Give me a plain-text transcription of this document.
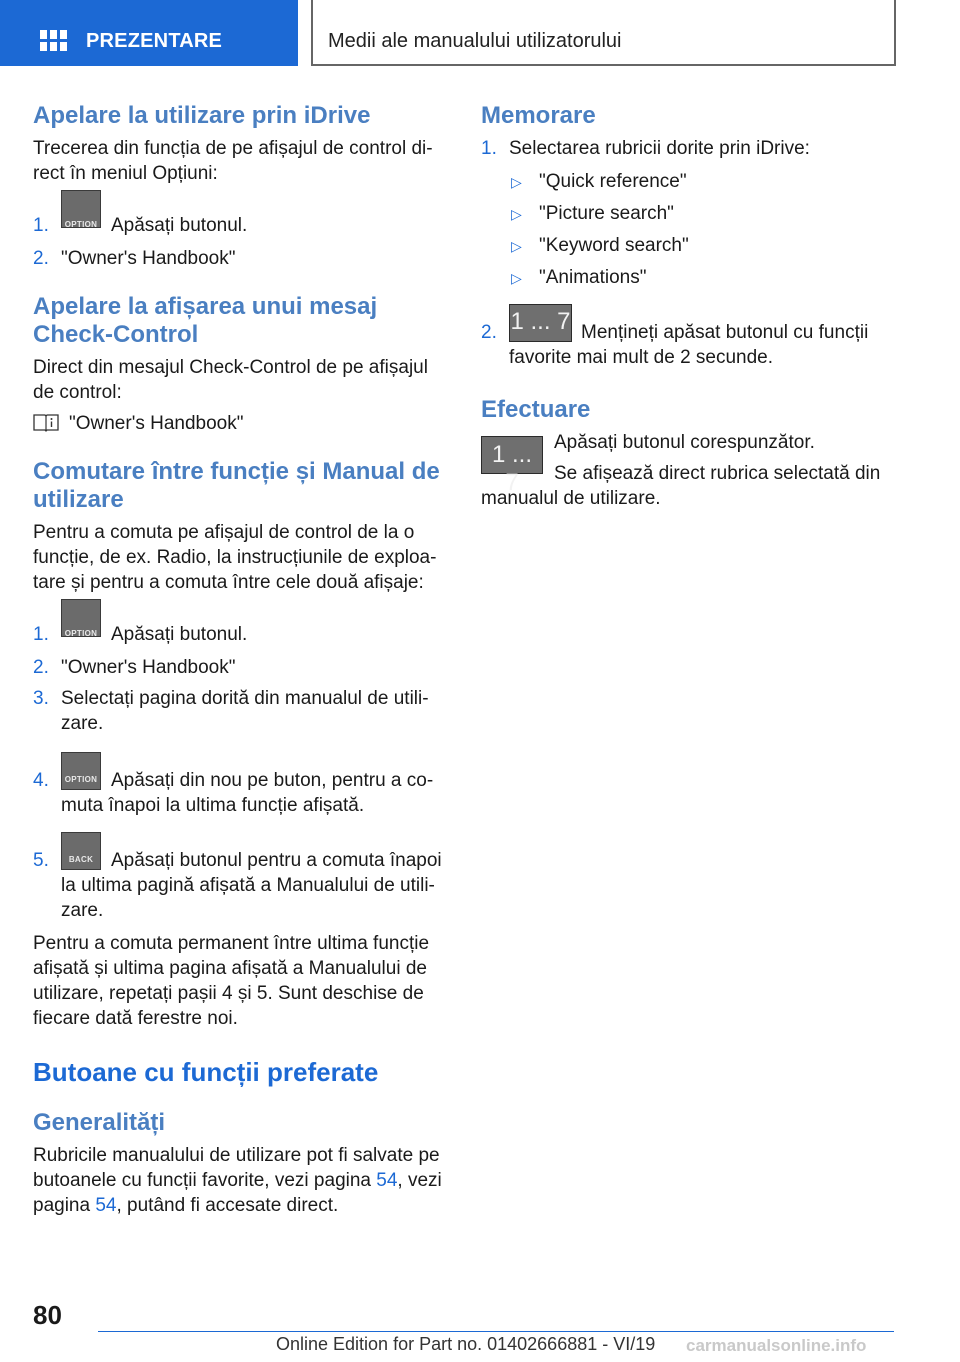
PREZENTARE	Medii ale manualului utilizatorului
Apelare la utilizare prin iDrive

Trecerea din funcția de pe afișajul de control di-
rect în meniul Opțiuni:

1.	OPTION Apăsați butonul.
2. "Owner's Handbook"
Apelare la afișarea unui mesaj
Check-Control

Direct din mesajul Check-Control de pe afișajul
de control:

"Owner's Handbook"

Comutare între funcție și Manual de
utilizare

Pentru a comuta pe afișajul de control de la o
funcție, de ex. Radio, la instrucțiunile de exploa-
tare și pentru a comuta între cele două afișaje:

1.	OPTION Apăsați butonul.
2. "Owner's Handbook"
3. Selectați pagina dorită din manualul de utili-
zare.
4.	OPTION Apăsați din nou pe buton, pentru a co-
muta înapoi la ultima funcție afișată.
5.	BACK Apăsați butonul pentru a comuta înapoi
la ultima pagină afișată a Manualului de utili-
zare.

Pentru a comuta permanent între ultima funcție
afișată și ultima pagina afișată a Manualului de
utilizare, repetați pașii 4 și 5. Sunt deschise de
fiecare dată ferestre noi.

Butoane cu funcții preferate
Generalități

Rubricile manualului de utilizare pot fi salvate pe
butoanele cu funcții favorite, vezi pagina 54, vezi
pagina 54, putând fi accesate direct.

Memorare
1. Selectarea rubricii dorite prin iDrive:
▷ "Quick reference"
▷ "Picture search"
▷ "Keyword search"
▷ "Animations"
2. 1 ... 7 Mențineți apăsat butonul cu funcții
favorite mai mult de 2 secunde.
Efectuare
1 ... 7

Apăsați butonul corespunzător.

Se afișează direct rubrica selectată din
manualul de utilizare.

80
Online Edition for Part no. 01402666881 - VI/19 carmanualsonline.info
